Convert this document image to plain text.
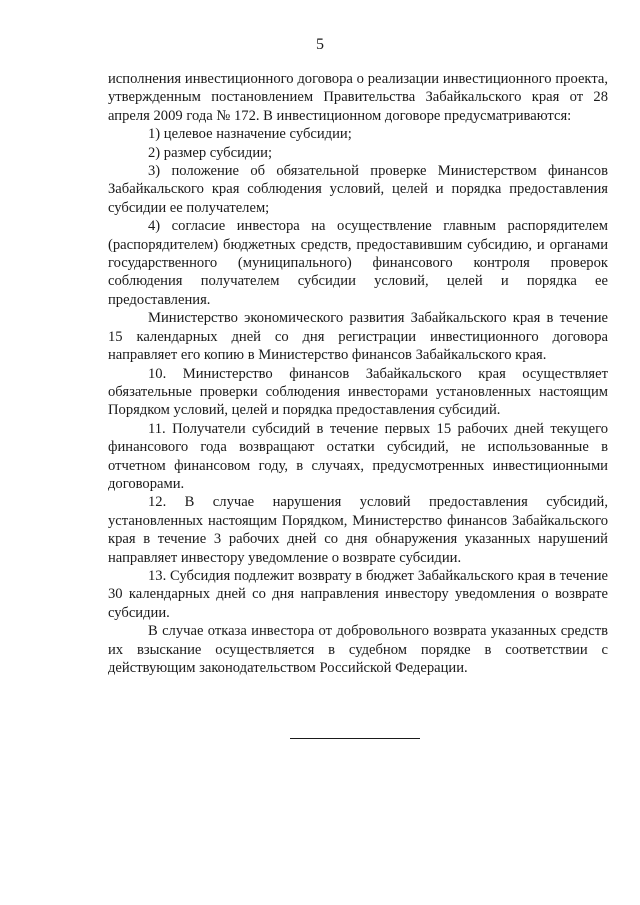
5

исполнения инвестиционного договора о реализации инвестиционного проекта, утвержденным постановлением Правительства Забайкальского края от 28 апреля 2009 года № 172. В инвестиционном договоре предусматриваются:

1) целевое назначение субсидии;

2) размер субсидии;

3) положение об обязательной проверке Министерством финансов Забайкальского края соблюдения условий, целей и порядка предоставления субсидии ее получателем;

4) согласие инвестора на осуществление главным распорядителем (распорядителем) бюджетных средств, предоставившим субсидию, и органами государственного (муниципального) финансового контроля проверок соблюдения получателем субсидии условий, целей и порядка ее предоставления.

Министерство экономического развития Забайкальского края в течение 15 календарных дней со дня регистрации инвестиционного договора направляет его копию в Министерство финансов Забайкальского края.

10. Министерство финансов Забайкальского края осуществляет обязательные проверки соблюдения инвесторами установленных настоящим Порядком условий, целей и порядка предоставления субсидий.

11. Получатели субсидий в течение первых 15 рабочих дней текущего финансового года возвращают остатки субсидий, не использованные в отчетном финансовом году, в случаях, предусмотренных инвестиционными договорами.

12. В случае нарушения условий предоставления субсидий, установленных настоящим Порядком, Министерство финансов Забайкальского края в течение 3 рабочих дней со дня обнаружения указанных нарушений направляет инвестору уведомление о возврате субсидии.

13. Субсидия подлежит возврату в бюджет Забайкальского края в течение 30 календарных дней со дня направления инвестору уведомления о возврате субсидии.

В случае отказа инвестора от добровольного возврата указанных средств их взыскание осуществляется в судебном порядке в соответствии с действующим законодательством Российской Федерации.
